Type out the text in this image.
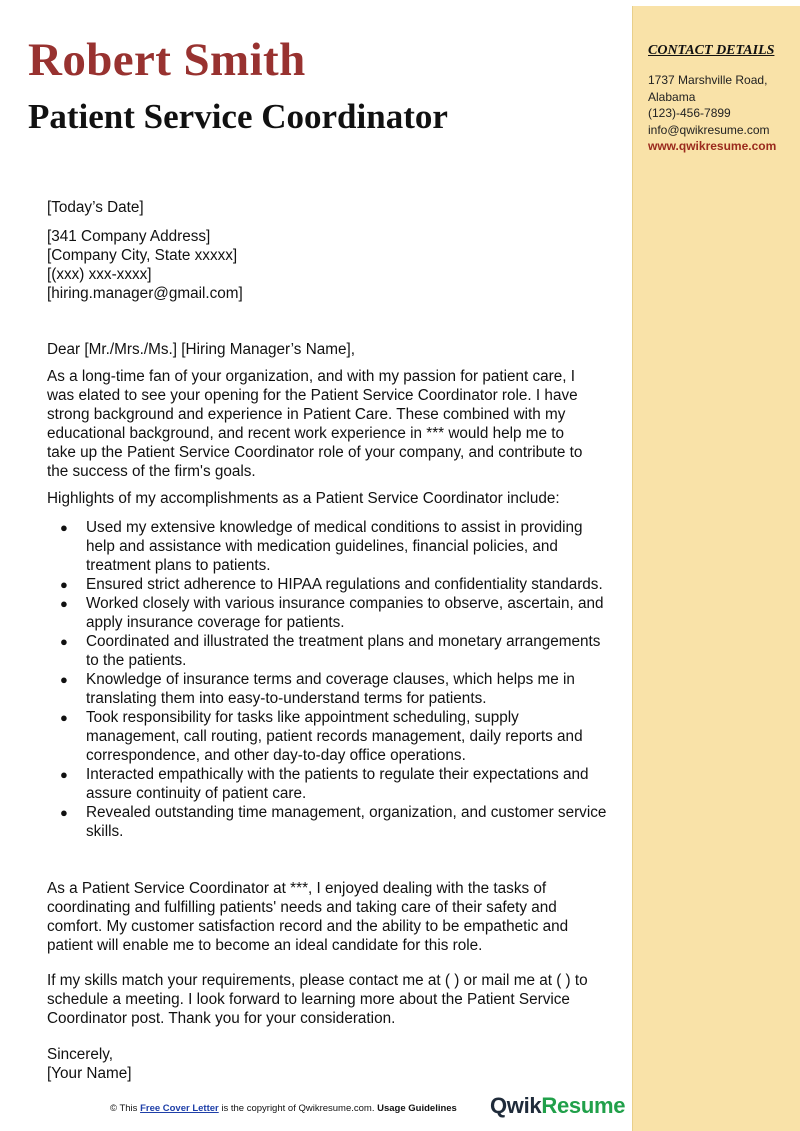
Robert Smith
Patient Service Coordinator
CONTACT DETAILS
1737 Marshville Road,
Alabama
(123)-456-7899
info@qwikresume.com
www.qwikresume.com
[Today’s Date]
[341 Company Address]
[Company City, State xxxxx]
[(xxx) xxx-xxxx]
[hiring.manager@gmail.com]
Dear [Mr./Mrs./Ms.] [Hiring Manager’s Name],
As a long-time fan of your organization, and with my passion for patient care, I was elated to see your opening for the Patient Service Coordinator role. I have strong background and experience in Patient Care. These combined with my educational background, and recent work experience in *** would help me to take up the Patient Service Coordinator role of your company, and contribute to the success of the firm's goals.
Highlights of my accomplishments as a Patient Service Coordinator include:
● Used my extensive knowledge of medical conditions to assist in providing help and assistance with medication guidelines, financial policies, and treatment plans to patients.
● Ensured strict adherence to HIPAA regulations and confidentiality standards.
● Worked closely with various insurance companies to observe, ascertain, and apply insurance coverage for patients.
● Coordinated and illustrated the treatment plans and monetary arrangements to the patients.
● Knowledge of insurance terms and coverage clauses, which helps me in translating them into easy-to-understand terms for patients.
● Took responsibility for tasks like appointment scheduling, supply management, call routing, patient records management, daily reports and correspondence, and other day-to-day office operations.
● Interacted empathically with the patients to regulate their expectations and assure continuity of patient care.
● Revealed outstanding time management, organization, and customer service skills.
As a Patient Service Coordinator at ***, I enjoyed dealing with the tasks of coordinating and fulfilling patients' needs and taking care of their safety and comfort. My customer satisfaction record and the ability to be empathetic and patient will enable me to become an ideal candidate for this role.
If my skills match your requirements, please contact me at ( ) or mail me at ( ) to schedule a meeting. I look forward to learning more about the Patient Service Coordinator post. Thank you for your consideration.
Sincerely,
[Your Name]
© This Free Cover Letter is the copyright of Qwikresume.com. Usage Guidelines QwikResume
